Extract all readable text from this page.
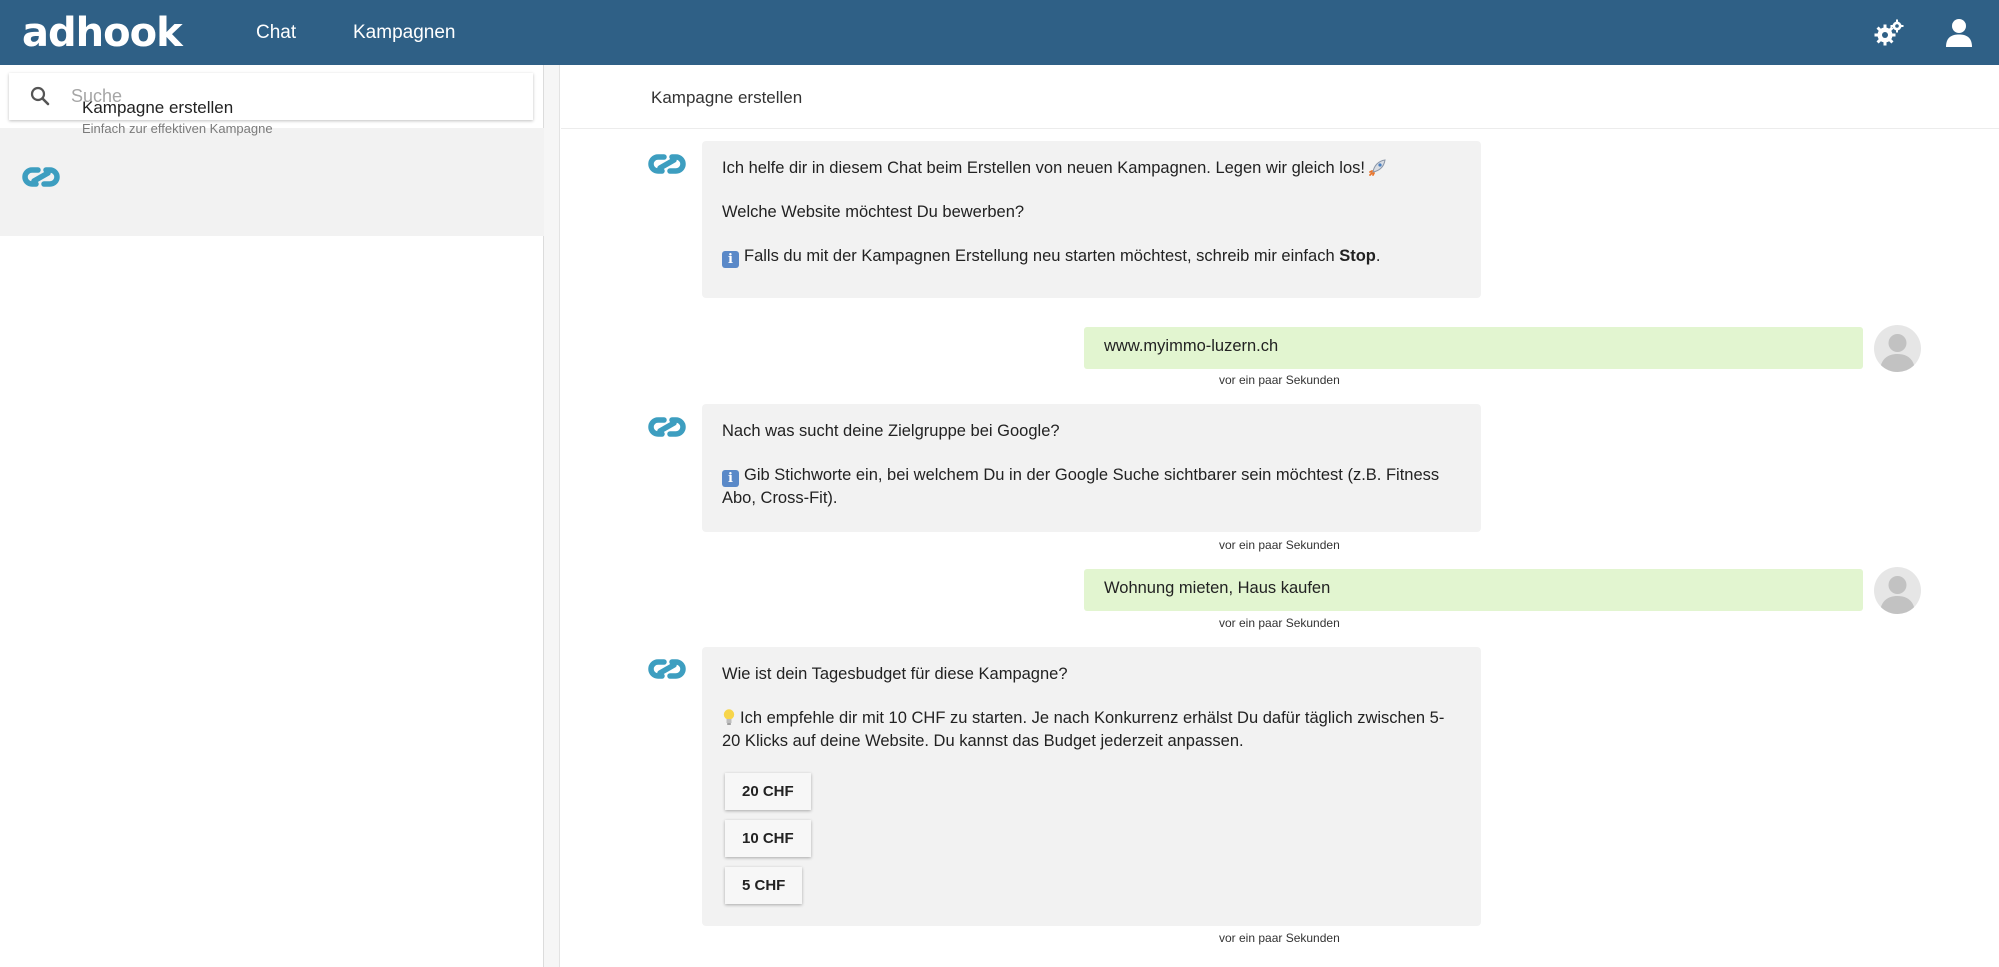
adhook	Chat	Kampagnen
Suche
Kampagne erstellen
Einfach zur effektiven Kampagne
Kampagne erstellen

Ich helfe dir in diesem Chat beim Erstellen von neuen Kampagnen. Legen wir gleich los!

Welche Website möchtest Du bewerben?

i Falls du mit der Kampagnen Erstellung neu starten möchtest, schreib mir einfach Stop.

www.myimmo-luzern.ch
vor ein paar Sekunden

Nach was sucht deine Zielgruppe bei Google?

i Gib Stichworte ein, bei welchem Du in der Google Suche sichtbarer sein möchtest (z.B. Fitness Abo, Cross-Fit).

vor ein paar Sekunden
Wohnung mieten, Haus kaufen
vor ein paar Sekunden

Wie ist dein Tagesbudget für diese Kampagne?

Ich empfehle dir mit 10 CHF zu starten. Je nach Konkurrenz erhälst Du dafür täglich zwischen 5-20 Klicks auf deine Website. Du kannst das Budget jederzeit anpassen.

20 CHF
10 CHF
5 CHF
vor ein paar Sekunden
